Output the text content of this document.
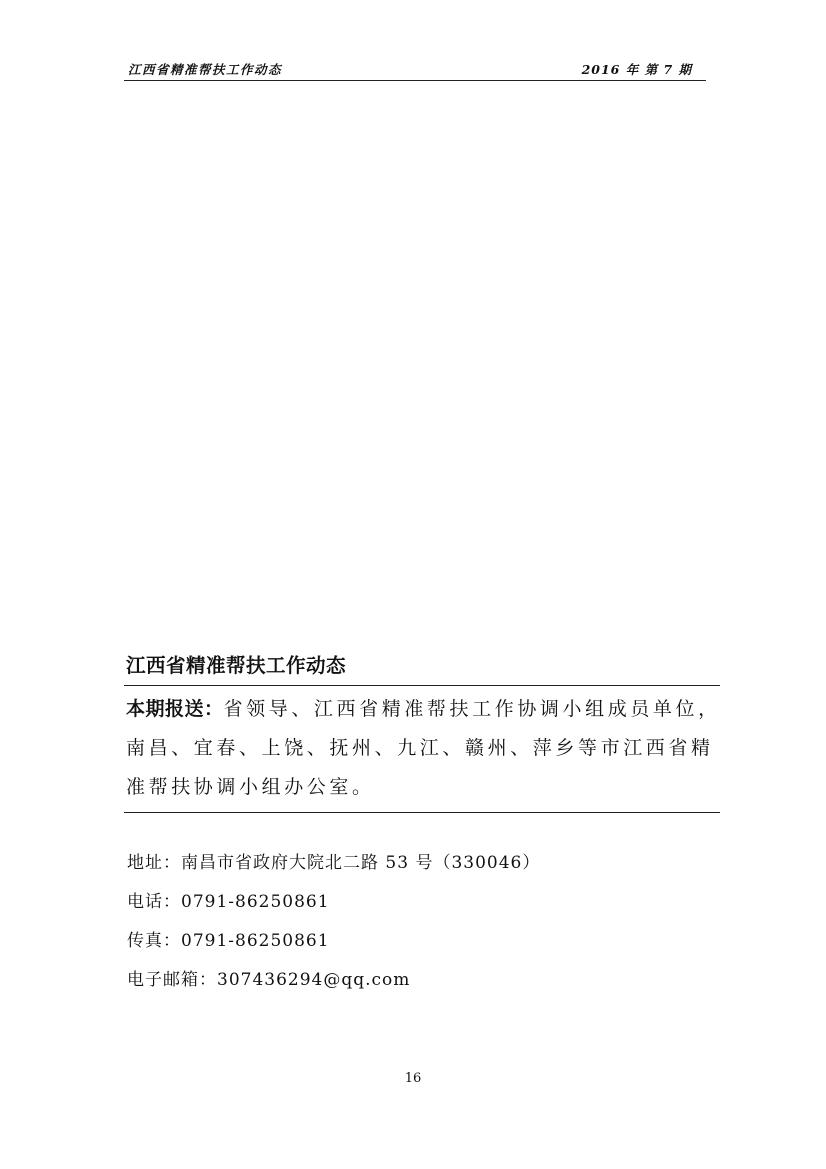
江西省精准帮扶工作动态	2016 年 第 7 期
江西省精准帮扶工作动态
本期报送：省领导、江西省精准帮扶工作协调小组成员单位，
南昌、宜春、上饶、抚州、九江、赣州、萍乡等市江西省精
准帮扶协调小组办公室。
地址：南昌市省政府大院北二路 53 号（330046）
电话：0791-86250861
传真：0791-86250861
电子邮箱：307436294@qq.com
16
